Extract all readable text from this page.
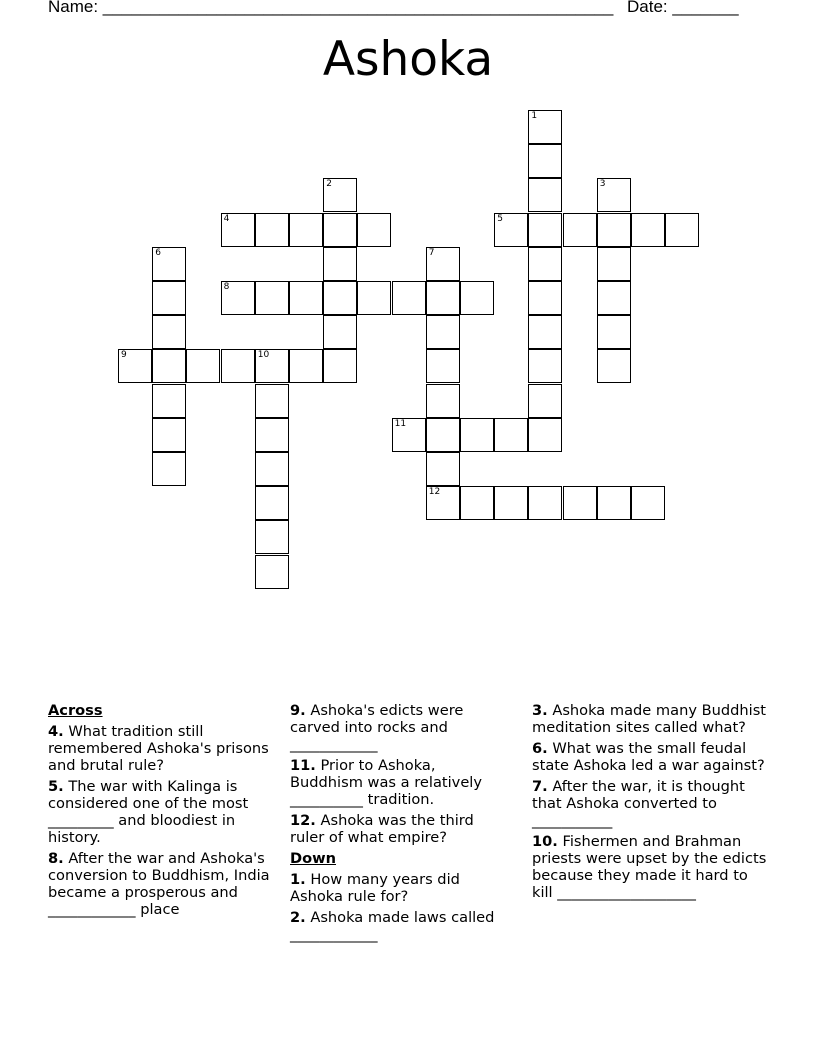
Name: ______________________________________________________ Date: _______
Ashoka
1
2	3
4	5
6	7
8
9	10
11
12
Across
4. What tradition still remembered Ashoka's prisons and brutal rule?
5. The war with Kalinga is considered one of the most _________ and bloodiest in history.
8. After the war and Ashoka's conversion to Buddhism, India became a prosperous and ____________ place
9. Ashoka's edicts were carved into rocks and ____________
11. Prior to Ashoka, Buddhism was a relatively __________ tradition.
12. Ashoka was the third ruler of what empire?
Down
1. How many years did Ashoka rule for?
2. Ashoka made laws called ____________
3. Ashoka made many Buddhist meditation sites called what?
6. What was the small feudal state Ashoka led a war against?
7. After the war, it is thought that Ashoka converted to ___________
10. Fishermen and Brahman priests were upset by the edicts because they made it hard to kill ___________________
